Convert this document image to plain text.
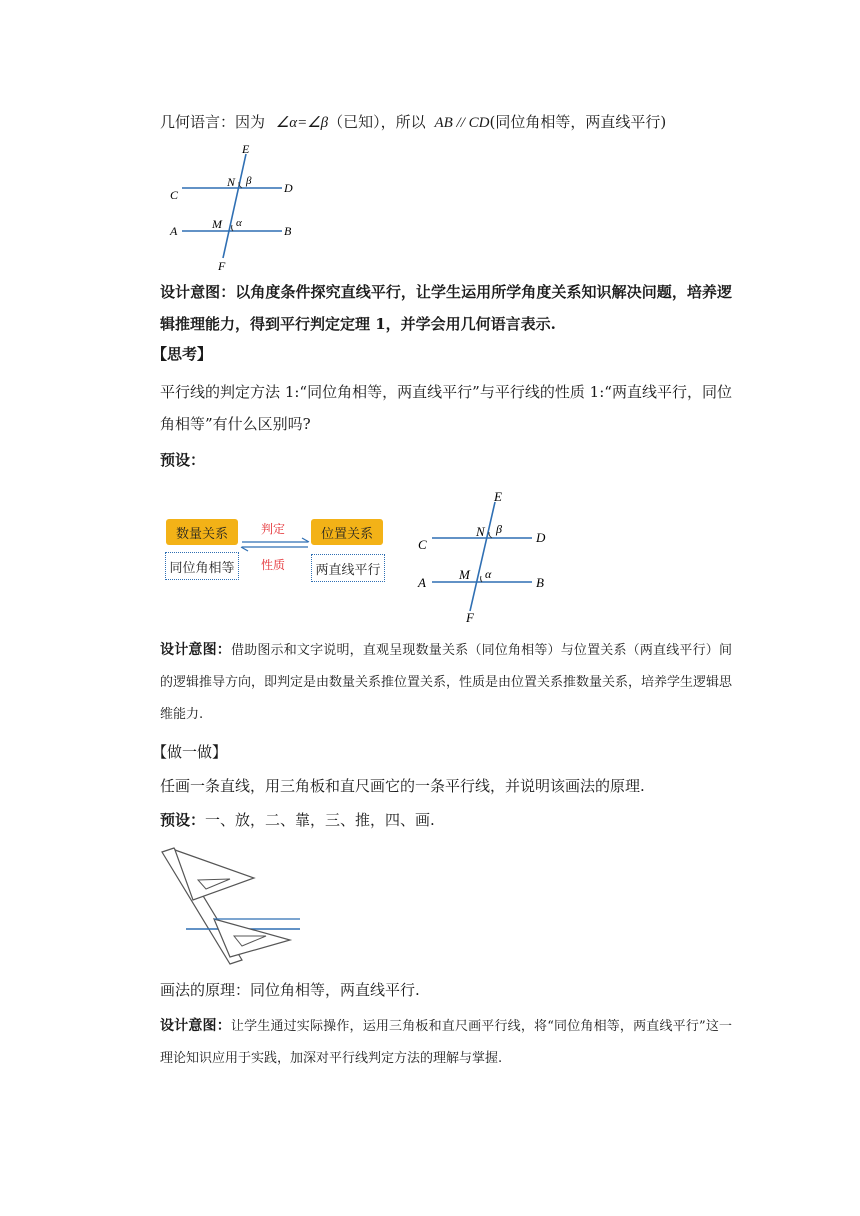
几何语言：因为 ∠α=∠β（已知），所以 AB // CD(同位角相等，两直线平行)
E
F
C	D
A	B
N
M
β
α
设计意图：以角度条件探究直线平行，让学生运用所学角度关系知识解决问题，培养逻辑推理能力，得到平行判定定理 1，并学会用几何语言表示.
【思考】
平行线的判定方法 1:“同位角相等，两直线平行”与平行线的性质 1:“两直线平行，同位角相等”有什么区别吗?
预设：
数量关系	位置关系
同位角相等	两直线平行
判定
性质
E
F
C	D
A	B
N
M
β
α
设计意图：借助图示和文字说明，直观呈现数量关系（同位角相等）与位置关系（两直线平行）间的逻辑推导方向，即判定是由数量关系推位置关系，性质是由位置关系推数量关系，培养学生逻辑思维能力.
【做一做】
任画一条直线，用三角板和直尺画它的一条平行线，并说明该画法的原理.
预设：一、放，二、靠，三、推，四、画.
画法的原理：同位角相等，两直线平行.
设计意图：让学生通过实际操作，运用三角板和直尺画平行线，将“同位角相等，两直线平行”这一理论知识应用于实践，加深对平行线判定方法的理解与掌握.
